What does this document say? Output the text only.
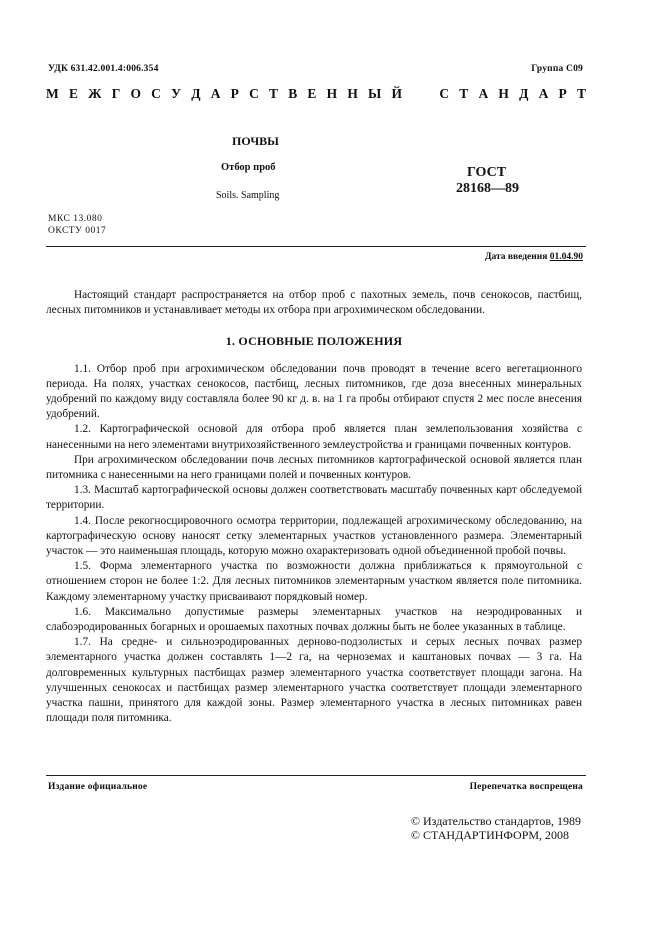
УДК 631.42.001.4:006.354	Группа С09
М Е Ж Г О С У Д А Р С Т В Е Н Н Ы Й

	С Т А Н Д А Р Т
ПОЧВЫ
Отбор проб
Soils. Sampling
ГОСТ
28168—89
МКС 13.080
ОКСТУ 0017
Дата введения 01.04.90

Настоящий стандарт распространяется на отбор проб с пахотных земель, почв сенокосов, пастбищ, лесных питомников и устанавливает методы их отбора при агрохимическом обследовании.

1. ОСНОВНЫЕ ПОЛОЖЕНИЯ

1.1. Отбор проб при агрохимическом обследовании почв проводят в течение всего вегетационного периода. На полях, участках сенокосов, пастбищ, лесных питомников, где доза внесенных минеральных удобрений по каждому виду составляла более 90 кг д. в. на 1 га пробы отбирают спустя 2 мес после внесения удобрений.

1.2. Картографической основой для отбора проб является план землепользования хозяйства с нанесенными на него элементами внутрихозяйственного землеустройства и границами почвенных контуров.

При агрохимическом обследовании почв лесных питомников картографической основой является план питомника с нанесенными на него границами полей и почвенных контуров.

1.3. Масштаб картографической основы должен соответствовать масштабу почвенных карт обследуемой территории.

1.4. После рекогносцировочного осмотра территории, подлежащей агрохимическому обследованию, на картографическую основу наносят сетку элементарных участков установленного размера. Элементарный участок — это наименьшая площадь, которую можно охарактеризовать одной объединенной пробой почвы.

1.5. Форма элементарного участка по возможности должна приближаться к прямоугольной с отношением сторон не более 1:2. Для лесных питомников элементарным участком является поле питомника. Каждому элементарному участку присваивают порядковый номер.

1.6. Максимально допустимые размеры элементарных участков на неэродированных и слабоэродированных богарных и орошаемых пахотных почвах должны быть не более указанных в таблице.

1.7. На средне- и сильноэродированных дерново-подзолистых и серых лесных почвах размер элементарного участка должен составлять 1—2 га, на черноземах и каштановых почвах — 3 га. На долговременных культурных пастбищах размер элементарного участка соответствует площади загона. На улучшенных сенокосах и пастбищах размер элементарного участка соответствует площади элементарного участка пашни, принятого для каждой зоны. Размер элементарного участка в лесных питомниках равен площади поля питомника.

Издание официальное	Перепечатка воспрещена
© Издательство стандартов, 1989
© СТАНДАРТИНФОРМ, 2008
